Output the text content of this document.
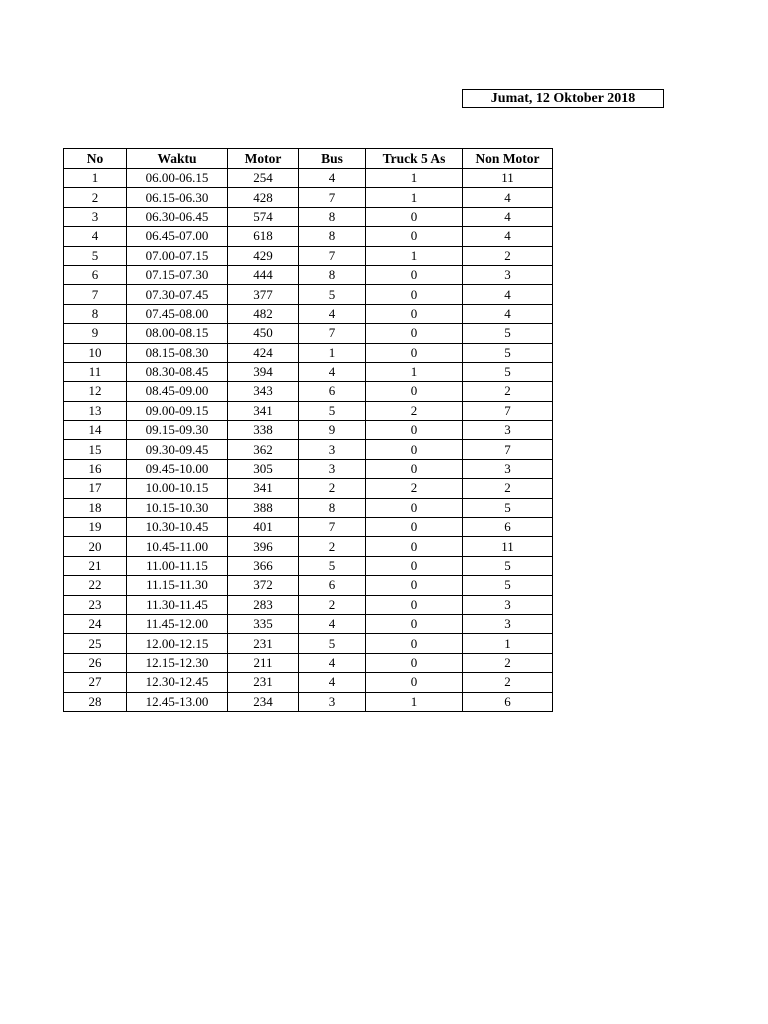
Jumat, 12 Oktober 2018
No	Waktu	Motor	Bus	Truck 5 As	Non Motor
1	06.00-06.15	254	4	1	11
2	06.15-06.30	428	7	1	4
3	06.30-06.45	574	8	0	4
4	06.45-07.00	618	8	0	4
5	07.00-07.15	429	7	1	2
6	07.15-07.30	444	8	0	3
7	07.30-07.45	377	5	0	4
8	07.45-08.00	482	4	0	4
9	08.00-08.15	450	7	0	5
10	08.15-08.30	424	1	0	5
11	08.30-08.45	394	4	1	5
12	08.45-09.00	343	6	0	2
13	09.00-09.15	341	5	2	7
14	09.15-09.30	338	9	0	3
15	09.30-09.45	362	3	0	7
16	09.45-10.00	305	3	0	3
17	10.00-10.15	341	2	2	2
18	10.15-10.30	388	8	0	5
19	10.30-10.45	401	7	0	6
20	10.45-11.00	396	2	0	11
21	11.00-11.15	366	5	0	5
22	11.15-11.30	372	6	0	5
23	11.30-11.45	283	2	0	3
24	11.45-12.00	335	4	0	3
25	12.00-12.15	231	5	0	1
26	12.15-12.30	211	4	0	2
27	12.30-12.45	231	4	0	2
28	12.45-13.00	234	3	1	6
